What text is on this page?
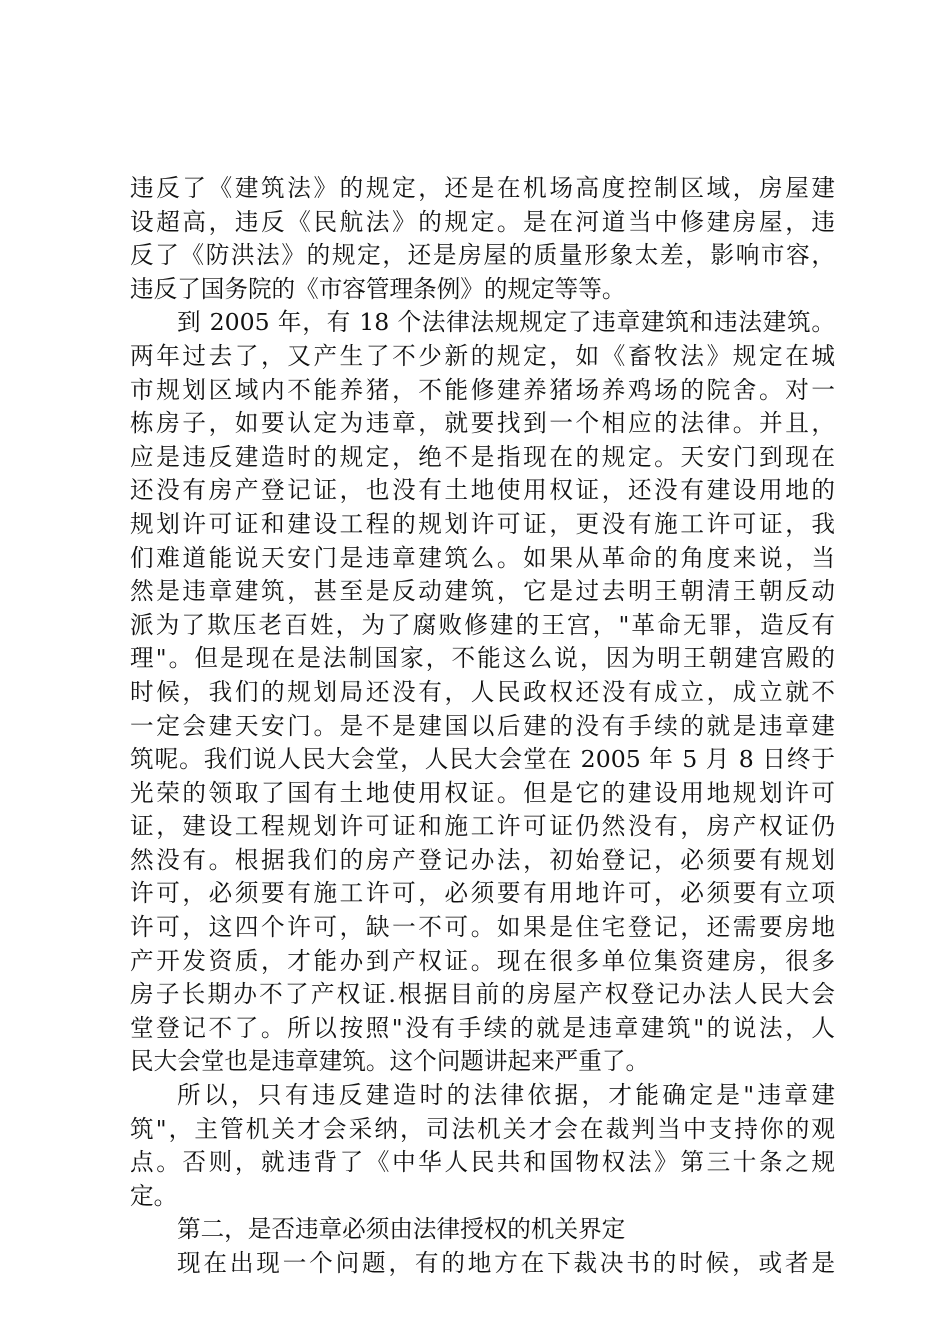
违反了《建筑法》的规定，还是在机场高度控制区域，房屋建
设超高，违反《民航法》的规定。是在河道当中修建房屋，违
反了《防洪法》的规定，还是房屋的质量形象太差，影响市容，
违反了国务院的《市容管理条例》的规定等等。
到 2005 年，有 18 个法律法规规定了违章建筑和违法建筑。
两年过去了，又产生了不少新的规定，如《畜牧法》规定在城
市规划区域内不能养猪，不能修建养猪场养鸡场的院舍。对一
栋房子，如要认定为违章，就要找到一个相应的法律。并且，
应是违反建造时的规定，绝不是指现在的规定。天安门到现在
还没有房产登记证，也没有土地使用权证，还没有建设用地的
规划许可证和建设工程的规划许可证，更没有施工许可证，我
们难道能说天安门是违章建筑么。如果从革命的角度来说，当
然是违章建筑，甚至是反动建筑，它是过去明王朝清王朝反动
派为了欺压老百姓，为了腐败修建的王宫，"革命无罪，造反有
理"。但是现在是法制国家，不能这么说，因为明王朝建宫殿的
时候，我们的规划局还没有，人民政权还没有成立，成立就不
一定会建天安门。是不是建国以后建的没有手续的就是违章建
筑呢。我们说人民大会堂，人民大会堂在 2005 年 5 月 8 日终于
光荣的领取了国有土地使用权证。但是它的建设用地规划许可
证，建设工程规划许可证和施工许可证仍然没有，房产权证仍
然没有。根据我们的房产登记办法，初始登记，必须要有规划
许可，必须要有施工许可，必须要有用地许可，必须要有立项
许可，这四个许可，缺一不可。如果是住宅登记，还需要房地
产开发资质，才能办到产权证。现在很多单位集资建房，很多
房子长期办不了产权证.根据目前的房屋产权登记办法人民大会
堂登记不了。所以按照"没有手续的就是违章建筑"的说法，人
民大会堂也是违章建筑。这个问题讲起来严重了。
所以，只有违反建造时的法律依据，才能确定是"违章建
筑"，主管机关才会采纳，司法机关才会在裁判当中支持你的观
点。否则，就违背了《中华人民共和国物权法》第三十条之规
定。
第二，是否违章必须由法律授权的机关界定
现在出现一个问题，有的地方在下裁决书的时候，或者是
